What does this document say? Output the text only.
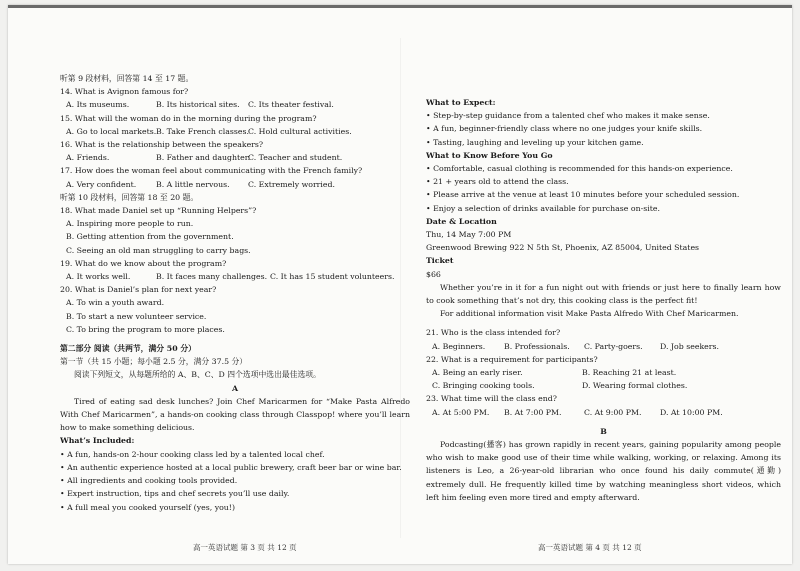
听第 9 段材料，回答第 14 至 17 题。
14. What is Avignon famous for?
A. Its museums.	B. Its historical sites.	C. Its theater festival.
15. What will the woman do in the morning during the program?
A. Go to local markets. B. Take French classes. C. Hold cultural activities.
16. What is the relationship between the speakers?
A. Friends.	B. Father and daughter.
C. Teacher and student.
17. How does the woman feel about communicating with the French family?
A. Very confident.	B. A little nervous.	C. Extremely worried.
听第 10 段材料，回答第 18 至 20 题。
18. What made Daniel set up “Running Helpers”?
A. Inspiring more people to run.
B. Getting attention from the government.
C. Seeing an old man struggling to carry bags.
19. What do we know about the program?
A. It works well.	B. It faces many challenges. C. It has 15 student volunteers.
20. What is Daniel’s plan for next year?
A. To win a youth award.
B. To start a new volunteer service.
C. To bring the program to more places.
第二部分 阅读（共两节，满分 50 分）
第一节（共 15 小题；每小题 2.5 分，满分 37.5 分）
阅读下列短文，从每题所给的 A、B、C、D 四个选项中选出最佳选项。
A
Tired of eating sad desk lunches? Join Chef Maricarmen for “Make Pasta Alfredo With Chef Maricarmen”, a hands-on cooking class through Classpop! where you’ll learn how to make something delicious.
What’s Included:
• A fun, hands-on 2-hour cooking class led by a talented local chef.
• An authentic experience hosted at a local public brewery, craft beer bar or wine bar.
• All ingredients and cooking tools provided.
• Expert instruction, tips and chef secrets you’ll use daily.
• A full meal you cooked yourself (yes, you!)
高一英语试题 第 3 页 共 12 页
What to Expect:
• Step-by-step guidance from a talented chef who makes it make sense.
• A fun, beginner-friendly class where no one judges your knife skills.
• Tasting, laughing and leveling up your kitchen game.
What to Know Before You Go
• Comfortable, casual clothing is recommended for this hands-on experience.
• 21 + years old to attend the class.
• Please arrive at the venue at least 10 minutes before your scheduled session.
• Enjoy a selection of drinks available for purchase on-site.
Date & Location
Thu, 14 May 7:00 PM
Greenwood Brewing 922 N 5th St, Phoenix, AZ 85004, United States
Ticket
$66
Whether you’re in it for a fun night out with friends or just here to finally learn how to cook something that’s not dry, this cooking class is the perfect fit!
For additional information visit Make Pasta Alfredo With Chef Maricarmen.
21. Who is the class intended for?
A. Beginners.	B. Professionals.	C. Party-goers.	D. Job seekers.
22. What is a requirement for participants?
A. Being an early riser.	B. Reaching 21 at least.
C. Bringing cooking tools.	D. Wearing formal clothes.
23. What time will the class end?
A. At 5:00 PM.	B. At 7:00 PM.	C. At 9:00 PM.	D. At 10:00 PM.
B
Podcasting(播客) has grown rapidly in recent years, gaining popularity among people who wish to make good use of their time while walking, working, or relaxing. Among its listeners is Leo, a 26-year-old librarian who once found his daily commute(通勤) extremely dull. He frequently killed time by watching meaningless short videos, which left him feeling even more tired and empty afterward.
高一英语试题 第 4 页 共 12 页
